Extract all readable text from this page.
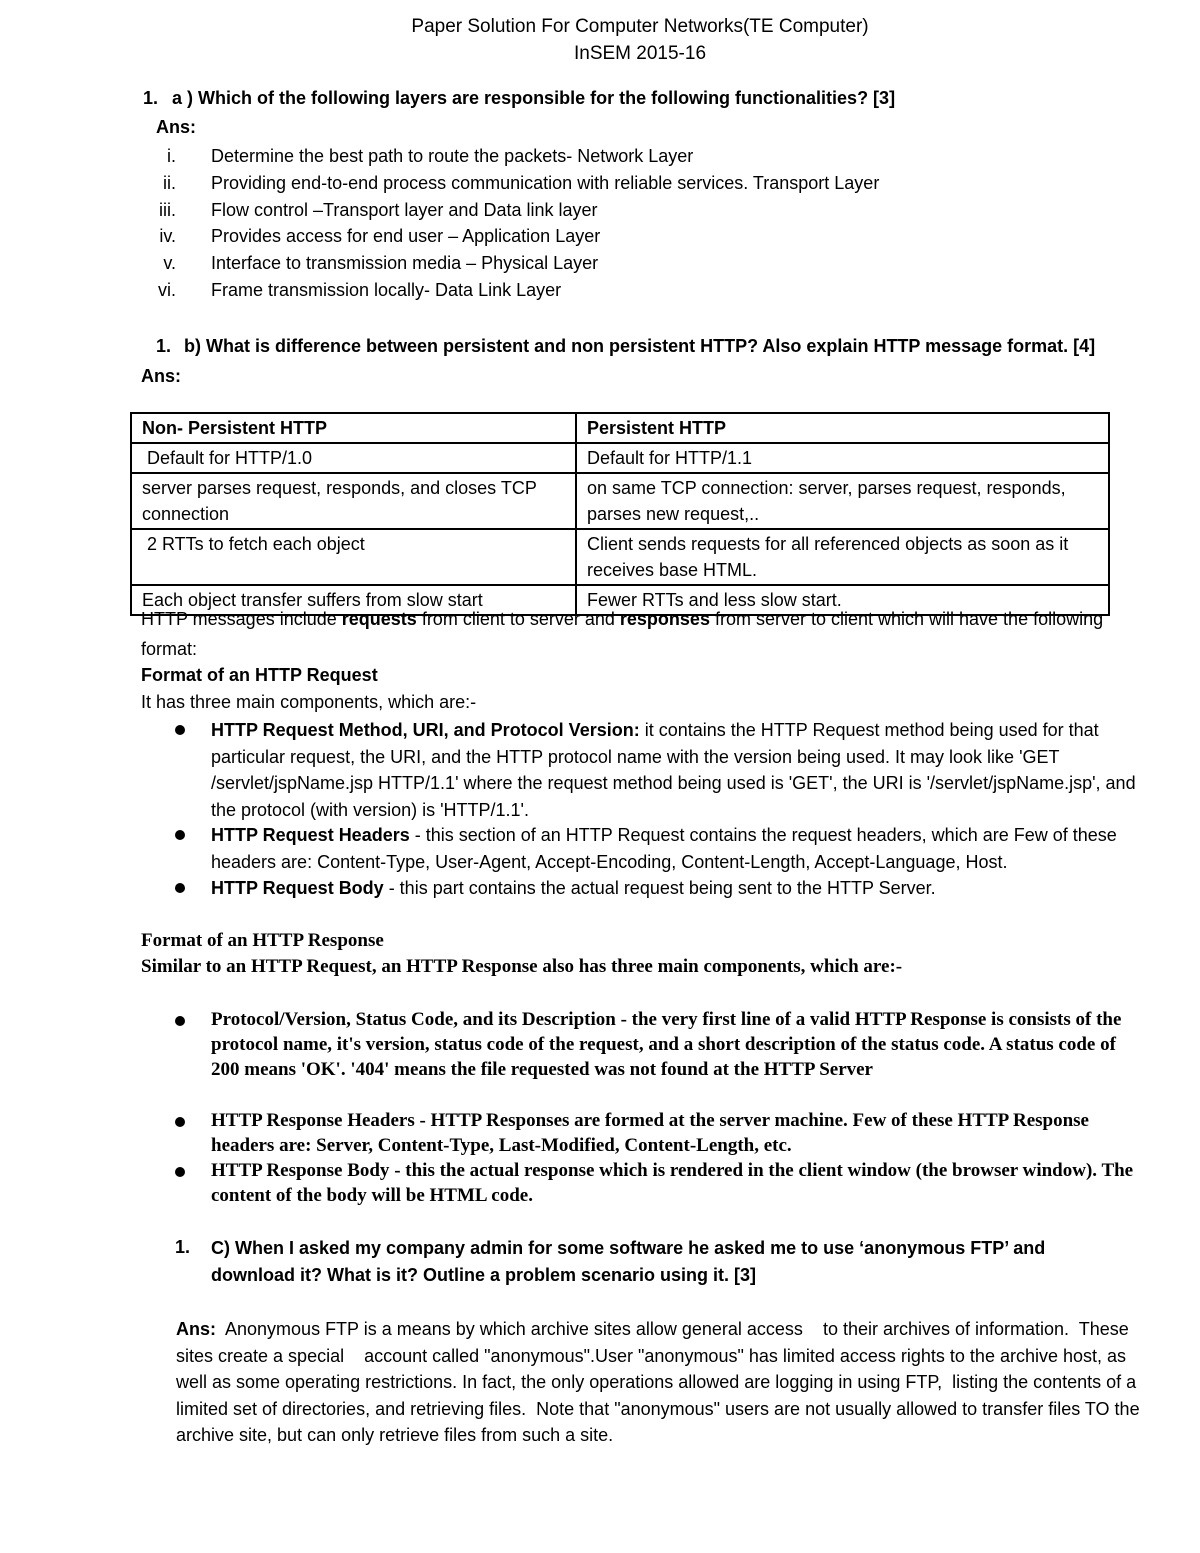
Paper Solution For Computer Networks(TE Computer)
InSEM 2015-16
1. a ) Which of the following layers are responsible for the following functionalities? [3]
Ans:
i. Determine the best path to route the packets- Network Layer
ii. Providing end-to-end process communication with reliable services. Transport Layer
iii. Flow control –Transport layer and Data link layer
iv. Provides access for end user – Application Layer
v. Interface to transmission media – Physical Layer
vi. Frame transmission locally- Data Link Layer
1. b) What is difference between persistent and non persistent HTTP? Also explain HTTP message format. [4]
Ans:
Non- Persistent HTTP	Persistent HTTP
Default for HTTP/1.0	Default for HTTP/1.1
server parses request, responds, and closes TCP connection	on same TCP connection: server, parses request, responds, parses new request,..
2 RTTs to fetch each object	Client sends requests for all referenced objects as soon as it receives base HTML.
Each object transfer suffers from slow start	Fewer RTTs and less slow start.
HTTP messages include requests from client to server and responses from server to client which will have the following format:
Format of an HTTP Request
It has three main components, which are:-
HTTP Request Method, URI, and Protocol Version: it contains the HTTP Request method being used for that particular request, the URI, and the HTTP protocol name with the version being used. It may look like 'GET /servlet/jspName.jsp HTTP/1.1' where the request method being used is 'GET', the URI is '/servlet/jspName.jsp', and the protocol (with version) is 'HTTP/1.1'.
HTTP Request Headers - this section of an HTTP Request contains the request headers, which are Few of these headers are: Content-Type, User-Agent, Accept-Encoding, Content-Length, Accept-Language, Host.
HTTP Request Body - this part contains the actual request being sent to the HTTP Server.
Format of an HTTP Response
Similar to an HTTP Request, an HTTP Response also has three main components, which are:-
Protocol/Version, Status Code, and its Description - the very first line of a valid HTTP Response is consists of the protocol name, it's version, status code of the request, and a short description of the status code. A status code of 200 means 'OK'. '404' means the file requested was not found at the HTTP Server
HTTP Response Headers - HTTP Responses are formed at the server machine. Few of these HTTP Response headers are: Server, Content-Type, Last-Modified, Content-Length, etc.
HTTP Response Body - this the actual response which is rendered in the client window (the browser window). The content of the body will be HTML code.
1. C) When I asked my company admin for some software he asked me to use ‘anonymous FTP’ and download it? What is it? Outline a problem scenario using it. [3]
Ans:  Anonymous FTP is a means by which archive sites allow general access    to their archives of information.  These sites create a special    account called "anonymous".User "anonymous" has limited access rights to the archive host, as well as some operating restrictions. In fact, the only operations allowed are logging in using FTP,  listing the contents of a limited set of directories, and retrieving files.  Note that "anonymous" users are not usually allowed to transfer files TO the archive site, but can only retrieve files from such a site.
